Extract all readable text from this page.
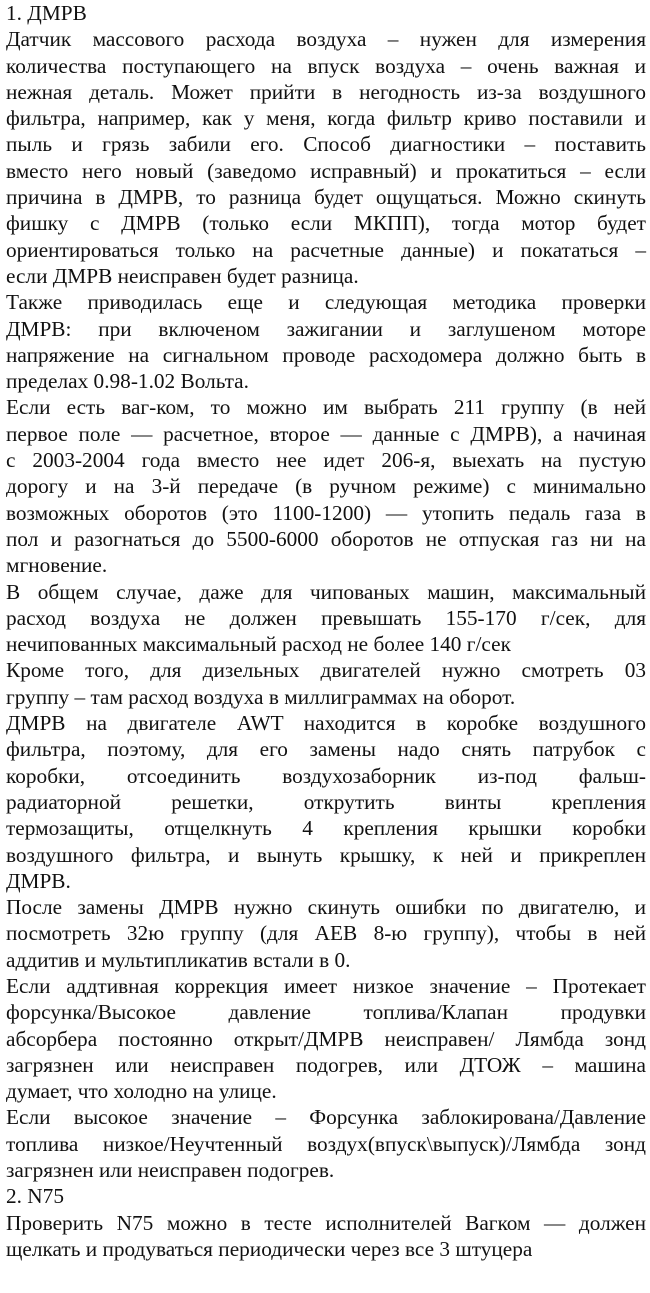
1. ДМРВ

Датчик массового расхода воздуха – нужен для измерения
количества поступающего на впуск воздуха – очень важная и
нежная деталь. Может прийти в негодность из-за воздушного
фильтра, например, как у меня, когда фильтр криво поставили и
пыль и грязь забили его. Способ диагностики – поставить
вместо него новый (заведомо исправный) и прокатиться – если
причина в ДМРВ, то разница будет ощущаться. Можно скинуть
фишку с ДМРВ (только если МКПП), тогда мотор будет
ориентироваться только на расчетные данные) и покататься –
если ДМРВ неисправен будет разница.

Также приводилась еще и следующая методика проверки
ДМРВ: при включеном зажигании и заглушеном моторе
напряжение на сигнальном проводе расходомера должно быть в
пределах 0.98-1.02 Вольта.

Если есть ваг-ком, то можно им выбрать 211 группу (в ней
первое поле — расчетное, второе — данные с ДМРВ), а начиная
с 2003-2004 года вместо нее идет 206-я, выехать на пустую
дорогу и на 3-й передаче (в ручном режиме) с минимально
возможных оборотов (это 1100-1200) — утопить педаль газа в
пол и разогнаться до 5500-6000 оборотов не отпуская газ ни на
мгновение.

В общем случае, даже для чипованых машин, максимальный
расход воздуха не должен превышать 155-170 г/сек, для
нечипованных максимальный расход не более 140 г/сек

Кроме того, для дизельных двигателей нужно смотреть 03
группу – там расход воздуха в миллиграммах на оборот.

ДМРВ на двигателе AWT находится в коробке воздушного
фильтра, поэтому, для его замены надо снять патрубок с
коробки, отсоединить воздухозаборник из-под фальш-
радиаторной решетки, открутить винты крепления
термозащиты, отщелкнуть 4 крепления крышки коробки
воздушного фильтра, и вынуть крышку, к ней и прикреплен
ДМРВ.

После замены ДМРВ нужно скинуть ошибки по двигателю, и
посмотреть 32ю группу (для AEB 8-ю группу), чтобы в ней
аддитив и мультипликатив встали в 0.

Если аддтивная коррекция имеет низкое значение – Протекает
форсунка/Высокое давление топлива/Клапан продувки
абсорбера постоянно открыт/ДМРВ неисправен/ Лямбда зонд
загрязнен или неисправен подогрев, или ДТОЖ – машина
думает, что холодно на улице.

Если высокое значение – Форсунка заблокирована/Давление
топлива низкое/Неучтенный воздух(впуск\выпуск)/Лямбда зонд
загрязнен или неисправен подогрев.

2. N75

Проверить N75 можно в тесте исполнителей Вагком — должен
щелкать и продуваться периодически через все 3 штуцера
